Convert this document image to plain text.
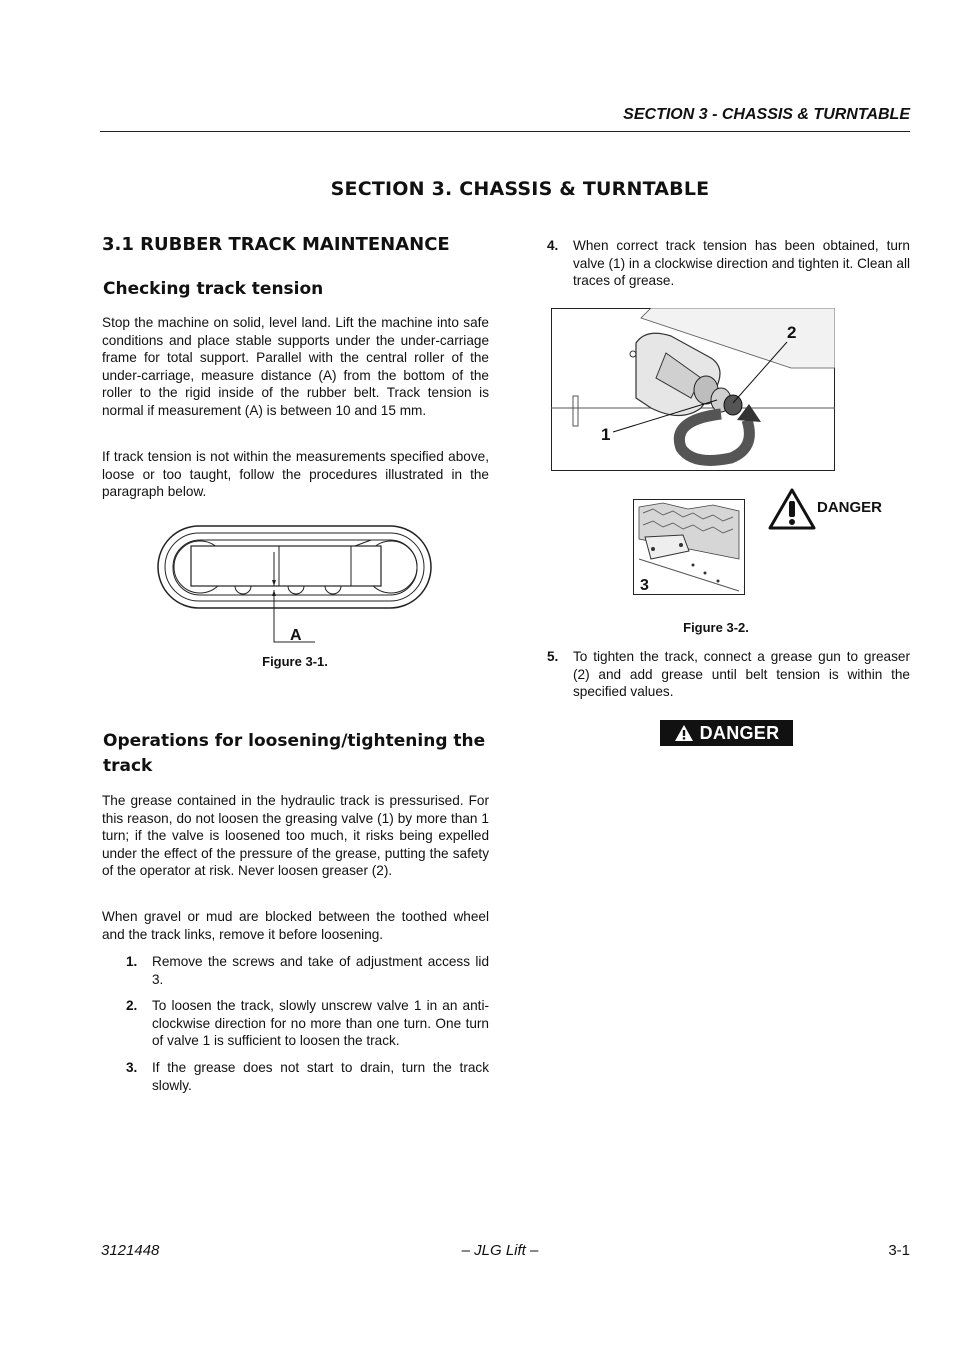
SECTION 3 - CHASSIS & TURNTABLE
SECTION 3. CHASSIS & TURNTABLE
3.1 RUBBER TRACK MAINTENANCE
Checking track tension
Stop the machine on solid, level land. Lift the machine into safe conditions and place stable supports under the under-carriage frame for total support. Parallel with the central roller of the under-carriage, measure distance (A) from the bottom of the roller to the rigid inside of the rubber belt. Track tension is normal if measurement (A) is between 10 and 15 mm.
If track tension is not within the measurements specified above, loose or too taught, follow the procedures illustrated in the paragraph below.
A
Figure 3-1.
Operations for loosening/tightening the track
The grease contained in the hydraulic track is pressurised. For this reason, do not loosen the greasing valve (1) by more than 1 turn; if the valve is loosened too much, it risks being expelled under the effect of the pressure of the grease, putting the safety of the operator at risk. Never loosen greaser (2).
When gravel or mud are blocked between the toothed wheel and the track links, remove it before loosening.
1.	Remove the screws and take of adjustment access lid 3.
2.	To loosen the track, slowly unscrew valve 1 in an anti-clockwise direction for no more than one turn. One turn of valve 1 is sufficient to loosen the track.
3.	If the grease does not start to drain, turn the track slowly.
4.	When correct track tension has been obtained, turn valve (1) in a clockwise direction and tighten it. Clean all traces of grease.
2
1
3
DANGER
Figure 3-2.
5.	To tighten the track, connect a grease gun to greaser (2) and add grease until belt tension is within the specified values.
DANGER
3121448	– JLG Lift –	3-1
